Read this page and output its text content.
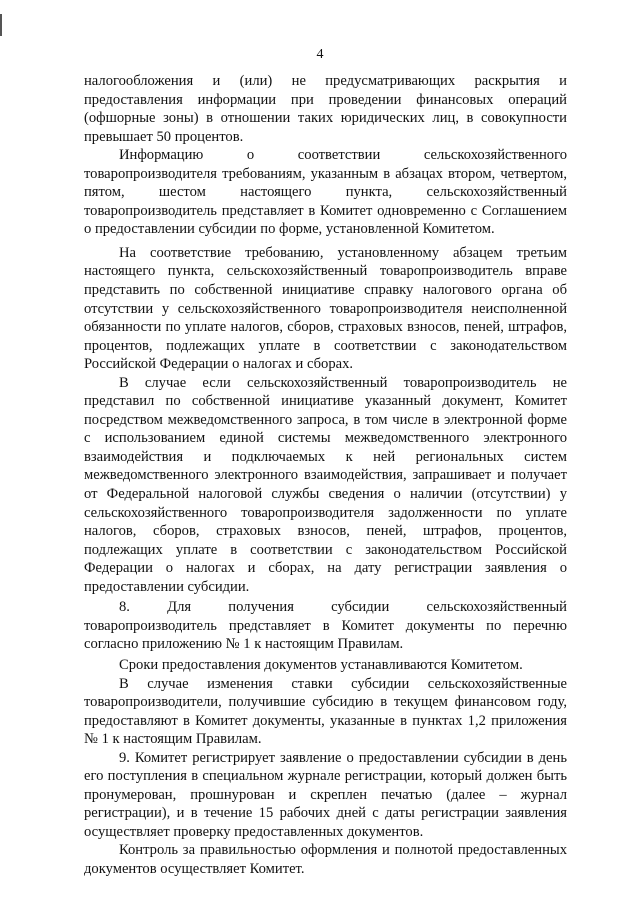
4

налогообложения и (или) не предусматривающих раскрытия и предоставления информации при проведении финансовых операций (офшорные зоны) в отношении таких юридических лиц, в совокупности превышает 50 процентов.

Информацию о соответствии сельскохозяйственного товаропроизводителя требованиям, указанным в абзацах втором, четвертом, пятом, шестом настоящего пункта, сельскохозяйственный товаропроизводитель представляет в Комитет одновременно с Соглашением о предоставлении субсидии по форме, установленной Комитетом.

На соответствие требованию, установленному абзацем третьим настоящего пункта, сельскохозяйственный товаропроизводитель вправе представить по собственной инициативе справку налогового органа об отсутствии у сельскохозяйственного товаропроизводителя неисполненной обязанности по уплате налогов, сборов, страховых взносов, пеней, штрафов, процентов, подлежащих уплате в соответствии с законодательством Российской Федерации о налогах и сборах.

В случае если сельскохозяйственный товаропроизводитель не представил по собственной инициативе указанный документ, Комитет посредством межведомственного запроса, в том числе в электронной форме с использованием единой системы межведомственного электронного взаимодействия и подключаемых к ней региональных систем межведомственного электронного взаимодействия, запрашивает и получает от Федеральной налоговой службы сведения о наличии (отсутствии) у сельскохозяйственного товаропроизводителя задолженности по уплате налогов, сборов, страховых взносов, пеней, штрафов, процентов, подлежащих уплате в соответствии с законодательством Российской Федерации о налогах и сборах, на дату регистрации заявления о предоставлении субсидии.

8. Для получения субсидии сельскохозяйственный товаропроизводитель представляет в Комитет документы по перечню согласно приложению № 1 к настоящим Правилам.

Сроки предоставления документов устанавливаются Комитетом.

В случае изменения ставки субсидии сельскохозяйственные товаропроизводители, получившие субсидию в текущем финансовом году, предоставляют в Комитет документы, указанные в пунктах 1,2 приложения № 1 к настоящим Правилам.

9. Комитет регистрирует заявление о предоставлении субсидии в день его поступления в специальном журнале регистрации, который должен быть пронумерован, прошнурован и скреплен печатью (далее – журнал регистрации), и в течение 15 рабочих дней с даты регистрации заявления осуществляет проверку предоставленных документов.

Контроль за правильностью оформления и полнотой предоставленных документов осуществляет Комитет.
